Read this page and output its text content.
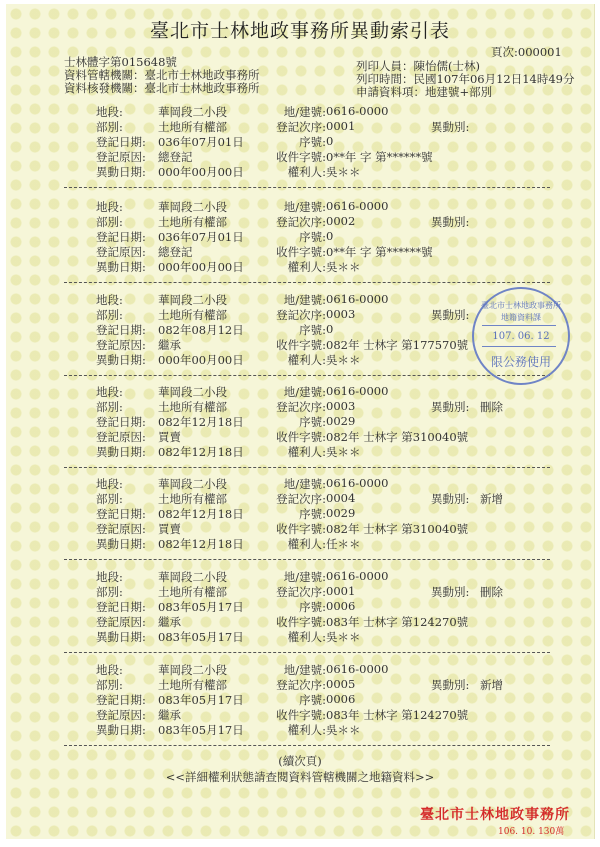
臺北市士林地政事務所異動索引表
頁次:000001
士林體字第015648號
資料管轄機關：臺北市士林地政事務所
資料核發機關：臺北市士林地政事務所
列印人員：陳怡儒(士林)
列印時間：民國107年06月12日14時49分
申請資料項：地建號+部別
地段:	華岡段二小段
部別:	土地所有權部
登記日期: 036年07月01日
登記原因: 總登記
異動日期: 000年00月00日
地/建號: 0616-0000
登記次序: 0001
序號: 0
收件字號: 0**年 字 第******號
權利人: 吳＊＊
異動別:
地段:	華岡段二小段
部別:	土地所有權部
登記日期: 036年07月01日
登記原因: 總登記
異動日期: 000年00月00日
地/建號: 0616-0000
登記次序: 0002
序號: 0
收件字號: 0**年 字 第******號
權利人: 吳＊＊
異動別:
地段:	華岡段二小段
部別:	土地所有權部
登記日期: 082年08月12日
登記原因: 繼承
異動日期: 000年00月00日
地/建號: 0616-0000
登記次序: 0003
序號: 0
收件字號: 082年 士林字 第177570號
權利人: 吳＊＊
異動別:
地段:	華岡段二小段
部別:	土地所有權部
登記日期: 082年12月18日
登記原因: 買賣
異動日期: 082年12月18日
地/建號: 0616-0000
登記次序: 0003
序號: 0029
收件字號: 082年 士林字 第310040號
權利人: 吳＊＊
異動別: 刪除
地段:	華岡段二小段
部別:	土地所有權部
登記日期: 082年12月18日
登記原因: 買賣
異動日期: 082年12月18日
地/建號: 0616-0000
登記次序: 0004
序號: 0029
收件字號: 082年 士林字 第310040號
權利人: 任＊＊
異動別: 新增
地段:	華岡段二小段
部別:	土地所有權部
登記日期: 083年05月17日
登記原因: 繼承
異動日期: 083年05月17日
地/建號: 0616-0000
登記次序: 0001
序號: 0006
收件字號: 083年 士林字 第124270號
權利人: 吳＊＊
異動別: 刪除
地段:	華岡段二小段
部別:	土地所有權部
登記日期: 083年05月17日
登記原因: 繼承
異動日期: 083年05月17日
地/建號: 0616-0000
登記次序: 0005
序號: 0006
收件字號: 083年 士林字 第124270號
權利人: 吳＊＊
異動別: 新增
臺北市士林地政事務所
地籍資料課
107. 06. 12
限公務使用
(續次頁)
<<詳細權利狀態請查閱資料管轄機關之地籍資料>>
臺北市士林地政事務所
106. 10. 130萬
